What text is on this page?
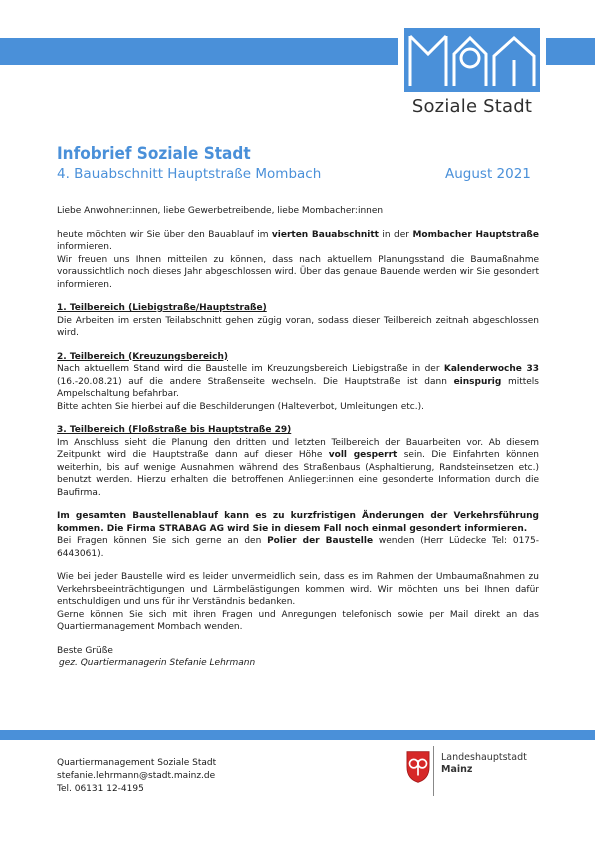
Soziale Stadt
Infobrief Soziale Stadt
4. Bauabschnitt Hauptstraße Mombach	August 2021

Liebe Anwohner:innen, liebe Gewerbetreibende, liebe Mombacher:innen

heute möchten wir Sie über den Bauablauf im vierten Bauabschnitt in der Mombacher Hauptstraße informieren.

Wir freuen uns Ihnen mitteilen zu können, dass nach aktuellem Planungsstand die Baumaßnahme voraussichtlich noch dieses Jahr abgeschlossen wird. Über das genaue Bauende werden wir Sie gesondert informieren.

1. Teilbereich (Liebigstraße/Hauptstraße)

Die Arbeiten im ersten Teilabschnitt gehen zügig voran, sodass dieser Teilbereich zeitnah abgeschlossen wird.

2. Teilbereich (Kreuzungsbereich)

Nach aktuellem Stand wird die Baustelle im Kreuzungsbereich Liebigstraße in der Kalenderwoche 33 (16.-20.08.21) auf die andere Straßenseite wechseln. Die Hauptstraße ist dann einspurig mittels Ampelschaltung befahrbar.

Bitte achten Sie hierbei auf die Beschilderungen (Halteverbot, Umleitungen etc.).

3. Teilbereich (Floßstraße bis Hauptstraße 29)

Im Anschluss sieht die Planung den dritten und letzten Teilbereich der Bauarbeiten vor. Ab diesem Zeitpunkt wird die Hauptstraße dann auf dieser Höhe voll gesperrt sein. Die Einfahrten können weiterhin, bis auf wenige Ausnahmen während des Straßenbaus (Asphaltierung, Randsteinsetzen etc.) benutzt werden. Hierzu erhalten die betroffenen Anlieger:innen eine gesonderte Information durch die Baufirma.

Im gesamten Baustellenablauf kann es zu kurzfristigen Änderungen der Verkehrsführung kommen. Die Firma STRABAG AG wird Sie in diesem Fall noch einmal gesondert informieren.

Bei Fragen können Sie sich gerne an den Polier der Baustelle wenden (Herr Lüdecke Tel: 0175-6443061).

Wie bei jeder Baustelle wird es leider unvermeidlich sein, dass es im Rahmen der Umbaumaßnahmen zu Verkehrsbeeinträchtigungen und Lärmbelästigungen kommen wird. Wir möchten uns bei Ihnen dafür entschuldigen und uns für ihr Verständnis bedanken.

Gerne können Sie sich mit ihren Fragen und Anregungen telefonisch sowie per Mail direkt an das Quartiermanagement Mombach wenden.

Beste Grüße

gez. Quartiermanagerin Stefanie Lehrmann

Quartiermanagement Soziale Stadt
stefanie.lehrmann@stadt.mainz.de
Tel. 06131 12-4195
Landeshauptstadt
Mainz
